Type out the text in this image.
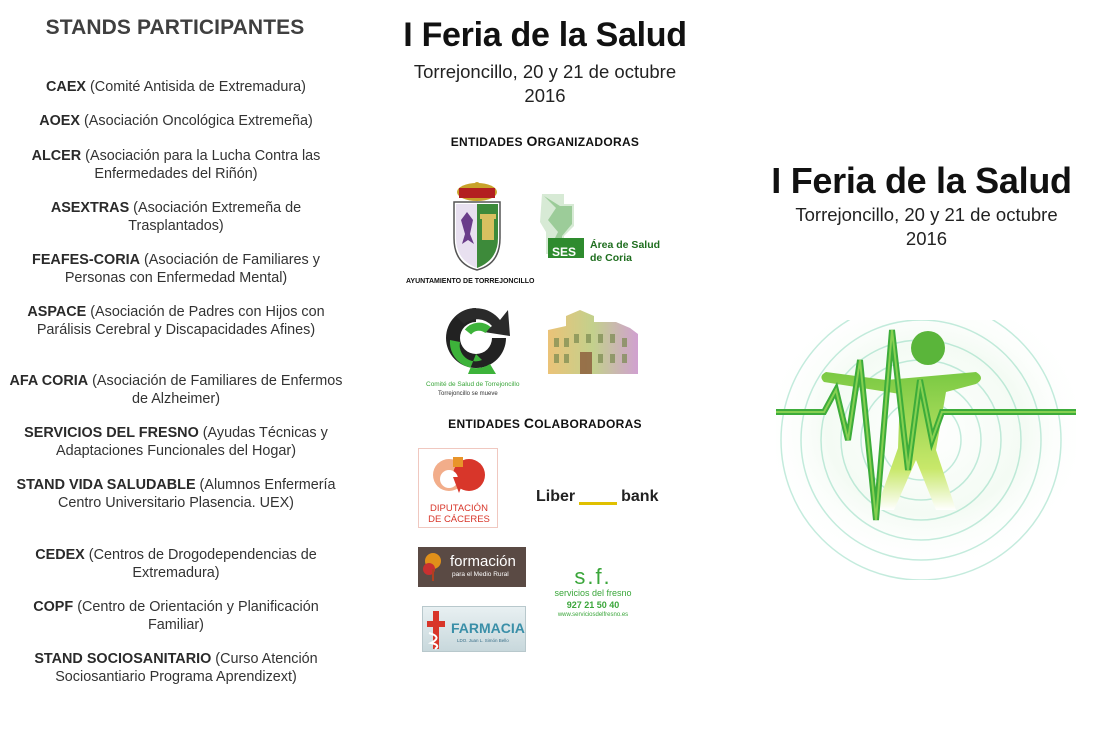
STANDS PARTICIPANTES
CAEX (Comité Antisida de Extremadura)
AOEX (Asociación Oncológica Extremeña)
ALCER (Asociación para la Lucha Contra las Enfermedades del Riñón)
ASEXTRAS (Asociación Extremeña de Trasplantados)
FEAFES-CORIA (Asociación de Familiares y Personas con Enfermedad Mental)
ASPACE (Asociación de Padres con Hijos con Parálisis Cerebral y Discapacidades Afines)
AFA CORIA (Asociación de Familiares de Enfermos de Alzheimer)
SERVICIOS DEL FRESNO (Ayudas Técnicas y Adaptaciones Funcionales del Hogar)
STAND VIDA SALUDABLE (Alumnos Enfermería Centro Universitario Plasencia. UEX)
CEDEX (Centros de Drogodependencias de Extremadura)
COPF (Centro de Orientación y Planificación Familiar)
STAND SOCIOSANITARIO (Curso Atención Sociosantiario Programa Aprendizext)
I Feria de la Salud
Torrejoncillo, 20 y 21 de octubre
2016
ENTIDADES ORGANIZADORAS
AYUNTAMIENTO DE TORREJONCILLO
SES Área de Salud
de Coria
Comité de Salud de Torrejoncillo
Torrejoncillo se mueve
ENTIDADES COLABORADORAS
DIPUTACIÓN
DE CÁCERES
Liber	bank
formación
para el Medio Rural	s.f.
servicios del fresno
927 21 50 40
www.serviciosdelfresno.es
FARMACIA
LDO. Juan L. Simón Bello
I Feria de la Salud
Torrejoncillo, 20 y 21 de octubre
2016
